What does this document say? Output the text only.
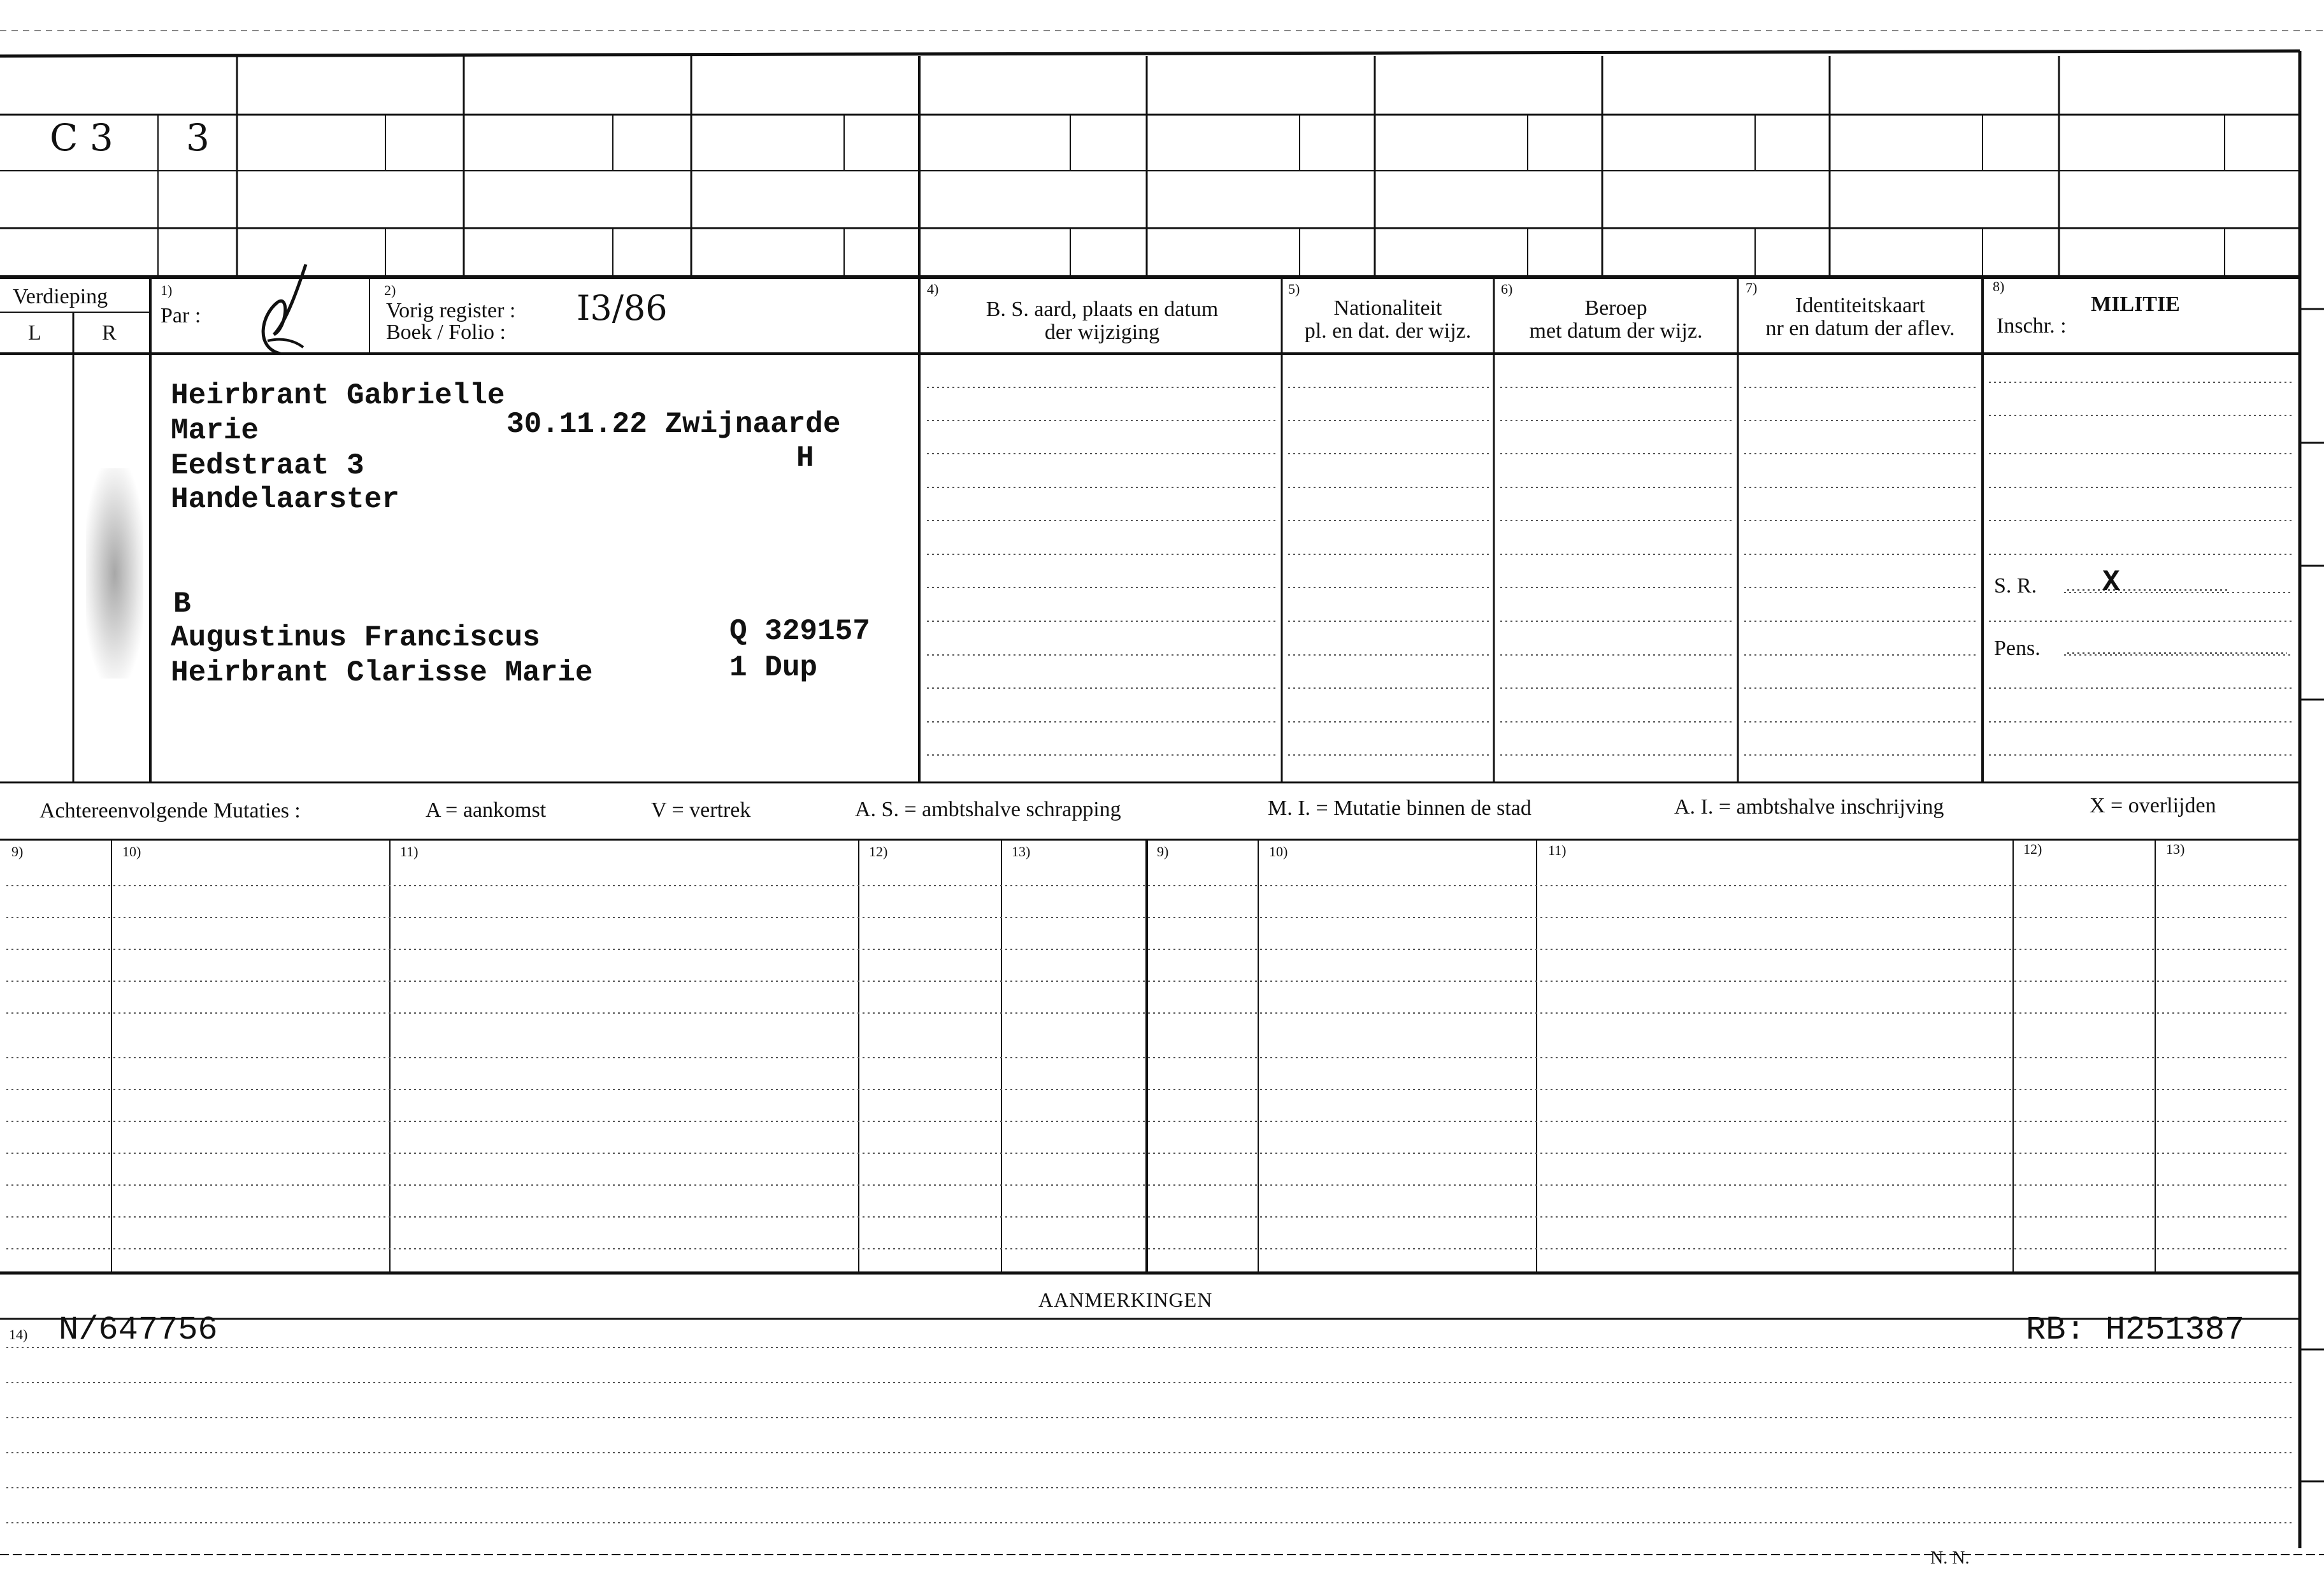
C 3 3
Verdieping
L	R
1)
Par :
2)
Vorig register : I3/86
Boek / Folio :
4)
B. S. aard, plaats en datum
der wijziging
5)
Nationaliteit
pl. en dat. der wijz.
6)
Beroep
met datum der wijz.
7)
Identiteitskaart
nr en datum der aflev.
8)
MILITIE
Inschr. :
Heirbrant Gabrielle
Marie	30.11.22 Zwijnaarde
H
Eedstraat 3
Handelaarster
B
Augustinus Franciscus
Heirbrant Clarisse Marie
Q 329157
1 Dup
S. R. X
Pens.
Achtereenvolgende Mutaties :	A = aankomst	V = vertrek	A. S. = ambtshalve schrapping	M. I. = Mutatie binnen de stad	A. I. = ambtshalve inschrijving	X = overlijden
9)	10)	11)	12)	13)	9)	10)	11)	12)	13)
AANMERKINGEN
14) N/647756	RB: H251387
N. N.
